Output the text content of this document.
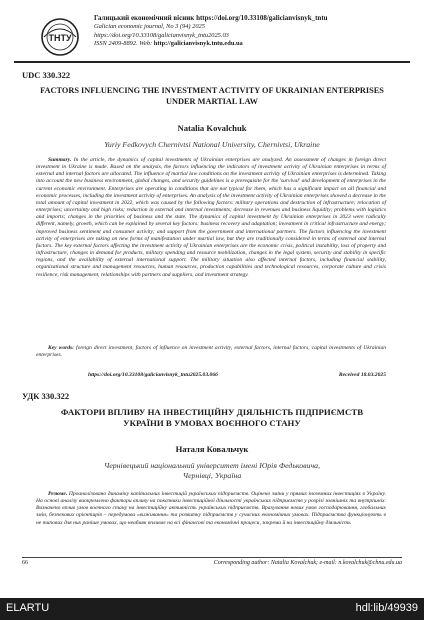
ТНТУ
Галицький економічний вісник https://doi.org/10.33108/galicianvisnyk_tntu
Galician economic journal, No 3 (94) 2025
https://doi.org/10.33108/galicianvisnyk_tntu2025.03
ISSN 2409-8892. Web: http://galicianvisnyk.tntu.edu.ua
UDC 330.322
FACTORS INFLUENCING THE INVESTMENT ACTIVITY OF UKRAINIAN ENTERPRISES UNDER MARTIAL LAW
Natalia Kovalchuk
Yuriy Fedkovych Chernivtsi National University, Chernivtsi, Ukraine
Summary. In the article, the dynamics of capital investments of Ukrainian enterprises are analyzed. An assessment of changes in foreign direct investment in Ukraine is made. Based on the analysis, the factors influencing the indicators of investment activity of Ukrainian enterprises in terms of external and internal factors are allocated. The influence of martial law conditions on the investment activity of Ukrainian enterprises is determined. Taking into account the new business environment, global changes, and security guidelines is a prerequisite for the 'survival' and development of enterprises in the current economic environment. Enterprises are operating in conditions that are not typical for them, which has a significant impact on all financial and economic processes, including the investment activity of enterprises. An analysis of the investment activity of Ukrainian enterprises showed a decrease in the total amount of capital investment in 2022, which was caused by the following factors: military operations and destruction of infrastructure; relocation of enterprises; uncertainty and high risks; reduction in external and internal investments; decrease in revenues and business liquidity; problems with logistics and imports; changes in the priorities of business and the state. The dynamics of capital investment by Ukrainian enterprises in 2023 were radically different, namely, growth, which can be explained by several key factors: business recovery and adaptation; investment in critical infrastructure and energy; improved business sentiment and consumer activity; and support from the government and international partners. The factors influencing the investment activity of enterprises are taking on new forms of manifestation under martial law, but they are traditionally considered in terms of external and internal factors. The key external factors affecting the investment activity of Ukrainian enterprises are the economic crisis, political instability, loss of property and infrastructure, changes in demand for products, military spending and resource mobilization, changes in the legal system, security and stability in specific regions, and the availability of external international support. The military situation also affected internal factors, including financial stability, organizational structure and management resources, human resources, production capabilities and technological resources, corporate culture and crisis resilience, risk management, relationships with partners and suppliers, and investment strategy.
Key words: foreign direct investment, factors of influence on investment activity, external factors, internal factors, capital investments of Ukrainian enterprises.
https://doi.org/10.33108/galicianvisnyk_tntu2025.03.066	Received 18.03.2025
УДК 330.322
ФАКТОРИ ВПЛИВУ НА ІНВЕСТИЦІЙНУ ДІЯЛЬНІСТЬ ПІДПРИЄМСТВ УКРАЇНИ В УМОВАХ ВОЄННОГО СТАНУ
Наталя Ковальчук
Чернівецький національний університет імені Юрія Федьковича, Чернівці, Україна
Резюме. Проаналізовано динаміку капітальних інвестицій українських підприємств. Оцінено зміни у прямих іноземних інвестиціях в Україну. На основі аналізу виокремлено фактори впливу на показники інвестиційної діяльності українських підприємств у розрізі зовнішніх та внутрішніх. Визначено вплив умов воєнного стану на інвестиційну активність українських підприємств. Врахування нових умов господарювання, глобальних змін, безпекових орієнтирів – передумова «виживання» та розвитку підприємств у сучасних економічних умовах. Підприємства функціонують в не типових для них раніше умовах, що неабияк впливає на всі фінансові та економічні процеси, зокрема й на інвестиційну діяльність
66	Corresponding author: Natalia Kovalchuk; e-mail: n.kovalchuk@chnu.edu.ua
ELARTU	hdl:lib/49939
